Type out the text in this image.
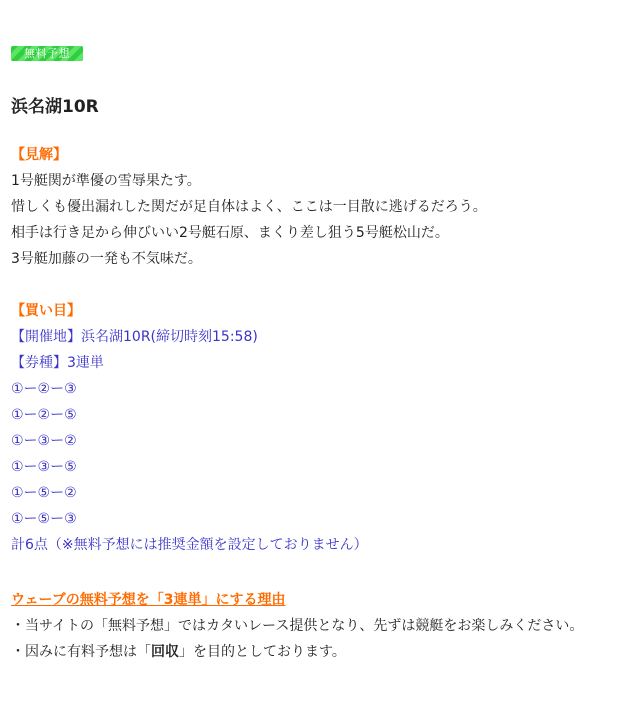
無料予想
浜名湖10R
【見解】
1号艇関が準優の雪辱果たす。
惜しくも優出漏れした関だが足自体はよく、ここは一目散に逃げるだろう。
相手は行き足から伸びいい2号艇石原、まくり差し狙う5号艇松山だ。
3号艇加藤の一発も不気味だ。
【買い目】
【開催地】浜名湖10R(締切時刻15:58)
【券種】3連単
①ー②ー③
①ー②ー⑤
①ー③ー②
①ー③ー⑤
①ー⑤ー②
①ー⑤ー③
計6点（※無料予想には推奨金額を設定しておりません）
ウェーブの無料予想を「3連単」にする理由
・当サイトの「無料予想」ではカタいレース提供となり、先ずは競艇をお楽しみください。
・因みに有料予想は「回収」を目的としております。
